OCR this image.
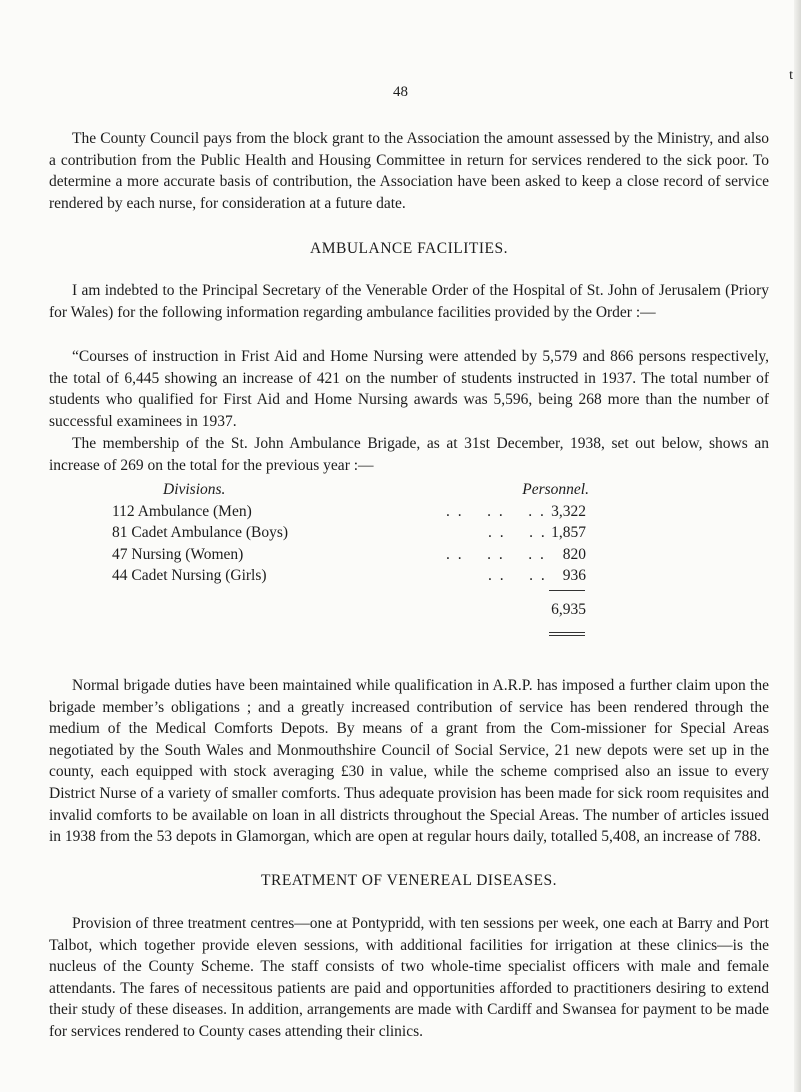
t
48

The County Council pays from the block grant to the Association the amount assessed by the Ministry, and also a contribution from the Public Health and Housing Committee in return for services rendered to the sick poor. To determine a more accurate basis of contribution, the Association have been asked to keep a close record of service rendered by each nurse, for consideration at a future date.

AMBULANCE FACILITIES.

I am indebted to the Principal Secretary of the Venerable Order of the Hospital of St. John of Jerusalem (Priory for Wales) for the following information regarding ambulance facilities provided by the Order :—

“Courses of instruction in Frist Aid and Home Nursing were attended by 5,579 and 866 persons respectively, the total of 6,445 showing an increase of 421 on the number of students instructed in 1937. The total number of students who qualified for First Aid and Home Nursing awards was 5,596, being 268 more than the number of successful examinees in 1937.

The membership of the St. John Ambulance Brigade, as at 31st December, 1938, set out below, shows an increase of 269 on the total for the previous year :—

Divisions.	Personnel.
112 Ambulance (Men)	. .    . .    . . 3,322
81 Cadet Ambulance (Boys)	. .    . . 1,857
47 Nursing (Women)	. .    . .    . . 820
44 Cadet Nursing (Girls)	. .    . . 936
6,935

Normal brigade duties have been maintained while qualification in A.R.P. has imposed a further claim upon the brigade member’s obligations ; and a greatly increased contribution of service has been rendered through the medium of the Medical Comforts Depots. By means of a grant from the Com-missioner for Special Areas negotiated by the South Wales and Monmouthshire Council of Social Service, 21 new depots were set up in the county, each equipped with stock averaging £30 in value, while the scheme comprised also an issue to every District Nurse of a variety of smaller comforts. Thus adequate provision has been made for sick room requisites and invalid comforts to be available on loan in all districts throughout the Special Areas. The number of articles issued in 1938 from the 53 depots in Glamorgan, which are open at regular hours daily, totalled 5,408, an increase of 788.

TREATMENT OF VENEREAL DISEASES.

Provision of three treatment centres—one at Pontypridd, with ten sessions per week, one each at Barry and Port Talbot, which together provide eleven sessions, with additional facilities for irrigation at these clinics—is the nucleus of the County Scheme. The staff consists of two whole-time specialist officers with male and female attendants. The fares of necessitous patients are paid and opportunities afforded to practitioners desiring to extend their study of these diseases. In addition, arrangements are made with Cardiff and Swansea for payment to be made for services rendered to County cases attending their clinics.
